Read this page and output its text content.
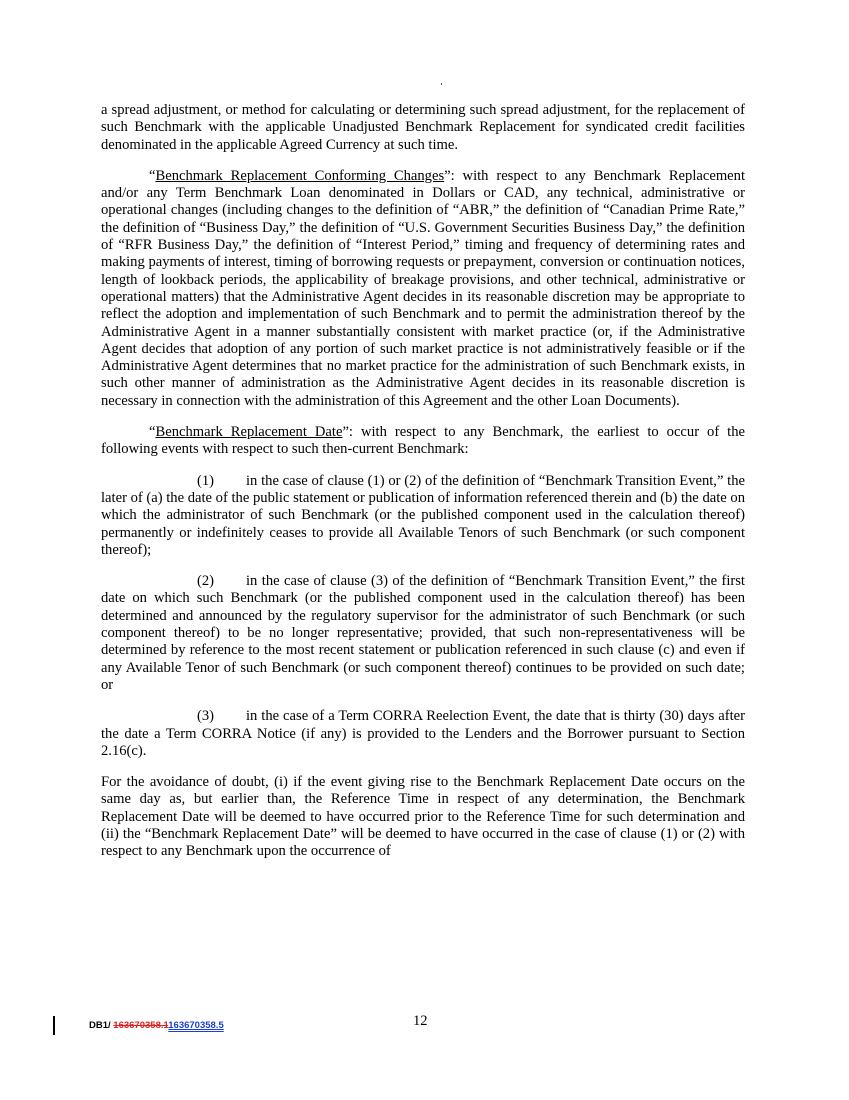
a spread adjustment, or method for calculating or determining such spread adjustment, for the replacement of such Benchmark with the applicable Unadjusted Benchmark Replacement for syndicated credit facilities denominated in the applicable Agreed Currency at such time.

“Benchmark Replacement Conforming Changes”: with respect to any Benchmark Replacement and/or any Term Benchmark Loan denominated in Dollars or CAD, any technical, administrative or operational changes (including changes to the definition of “ABR,” the definition of “Canadian Prime Rate,” the definition of “Business Day,” the definition of “U.S. Government Securities Business Day,” the definition of “RFR Business Day,” the definition of “Interest Period,” timing and frequency of determining rates and making payments of interest, timing of borrowing requests or prepayment, conversion or continuation notices, length of lookback periods, the applicability of breakage provisions, and other technical, administrative or operational matters) that the Administrative Agent decides in its reasonable discretion may be appropriate to reflect the adoption and implementation of such Benchmark and to permit the administration thereof by the Administrative Agent in a manner substantially consistent with market practice (or, if the Administrative Agent decides that adoption of any portion of such market practice is not administratively feasible or if the Administrative Agent determines that no market practice for the administration of such Benchmark exists, in such other manner of administration as the Administrative Agent decides in its reasonable discretion is necessary in connection with the administration of this Agreement and the other Loan Documents).

“Benchmark Replacement Date”: with respect to any Benchmark, the earliest to occur of the following events with respect to such then-current Benchmark:

(1) in the case of clause (1) or (2) of the definition of “Benchmark Transition Event,” the later of (a) the date of the public statement or publication of information referenced therein and (b) the date on which the administrator of such Benchmark (or the published component used in the calculation thereof) permanently or indefinitely ceases to provide all Available Tenors of such Benchmark (or such component thereof);

(2) in the case of clause (3) of the definition of “Benchmark Transition Event,” the first date on which such Benchmark (or the published component used in the calculation thereof) has been determined and announced by the regulatory supervisor for the administrator of such Benchmark (or such component thereof) to be no longer representative; provided, that such non-representativeness will be determined by reference to the most recent statement or publication referenced in such clause (c) and even if any Available Tenor of such Benchmark (or such component thereof) continues to be provided on such date; or

(3) in the case of a Term CORRA Reelection Event, the date that is thirty (30) days after the date a Term CORRA Notice (if any) is provided to the Lenders and the Borrower pursuant to Section 2.16(c).

For the avoidance of doubt, (i) if the event giving rise to the Benchmark Replacement Date occurs on the same day as, but earlier than, the Reference Time in respect of any determination, the Benchmark Replacement Date will be deemed to have occurred prior to the Reference Time for such determination and (ii) the “Benchmark Replacement Date” will be deemed to have occurred in the case of clause (1) or (2) with respect to any Benchmark upon the occurrence of

DB1/ 163670358.1163670358.5	12
